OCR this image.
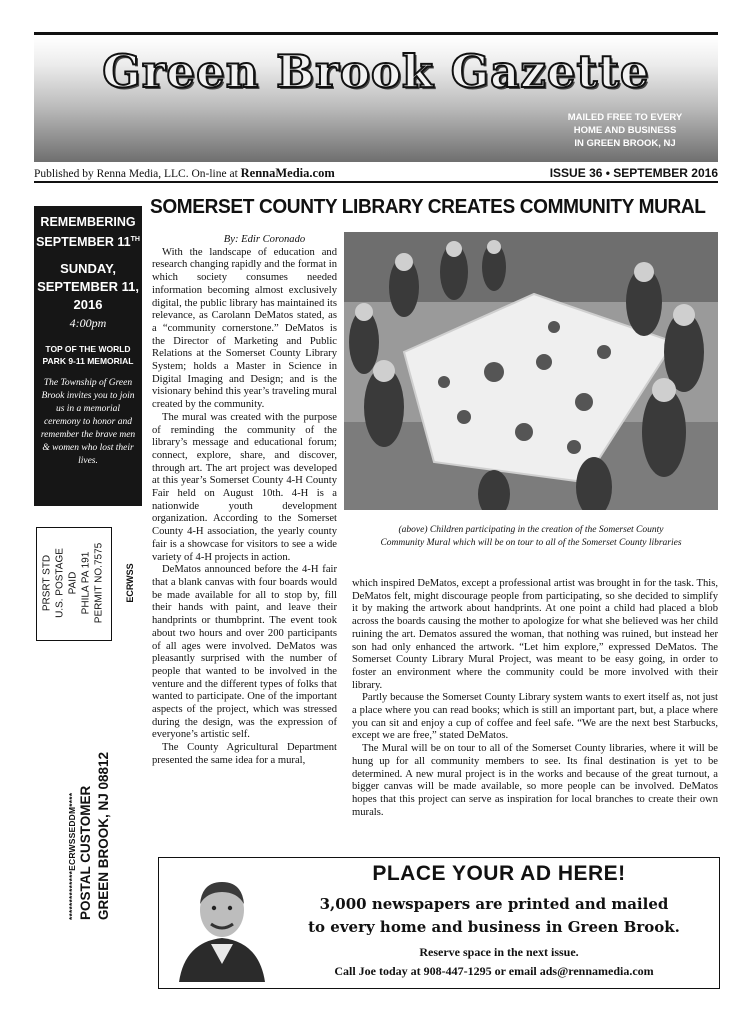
Green Brook Gazette
MAILED FREE TO EVERY
HOME AND BUSINESS
IN GREEN BROOK, NJ
Published by Renna Media, LLC. On-line at RennaMedia.com	ISSUE 36 • SEPTEMBER 2016
SOMERSET COUNTY LIBRARY CREATES COMMUNITY MURAL
REMEMBERING
SEPTEMBER 11TH
SUNDAY,
SEPTEMBER 11,
2016
4:00pm
TOP OF THE WORLD
PARK 9-11 MEMORIAL
The Township of Green Brook invites you to join us in a memorial ceremony to honor and remember the brave men & women who lost their lives.
PRSRT STD U.S. POSTAGE PAID PHILA PA 191 PERMIT NO.7575 ECRWSS
**************ECRWSSEDDM**** POSTAL CUSTOMER GREEN BROOK, NJ 08812

By: Edir Coronado

With the landscape of education and research changing rapidly and the format in which society consumes needed information becoming almost exclusively digital, the public library has maintained its relevance, as Carolann DeMatos stated, as a “community cornerstone.” DeMatos is the Director of Marketing and Public Relations at the Somerset County Library System; holds a Master in Science in Digital Imaging and Design; and is the visionary behind this year’s traveling mural created by the community.

The mural was created with the purpose of reminding the community of the library’s message and educational forum; connect, explore, share, and discover, through art. The art project was developed at this year’s Somerset County 4-H County Fair held on August 10th. 4-H is a nationwide youth development organization. According to the Somerset County 4-H association, the yearly county fair is a showcase for visitors to see a wide variety of 4-H projects in action.

DeMatos announced before the 4-H fair that a blank canvas with four boards would be made available for all to stop by, fill their hands with paint, and leave their handprints or thumbprint. The event took about two hours and over 200 participants of all ages were involved. DeMatos was pleasantly surprised with the number of people that wanted to be involved in the venture and the different types of folks that wanted to participate. One of the important aspects of the project, which was stressed during the design, was the expression of everyone’s artistic self.

The County Agricultural Department presented the same idea for a mural,

(above) Children participating in the creation of the Somerset County
Community Mural which will be on tour to all of the Somerset County libraries

which inspired DeMatos, except a professional artist was brought in for the task. This, DeMatos felt, might discourage people from participating, so she decided to simplify it by making the artwork about handprints. At one point a child had placed a blob across the boards causing the mother to apologize for what she believed was her child ruining the art. Dematos assured the woman, that nothing was ruined, but instead her son had only enhanced the artwork. “Let him explore,” expressed DeMatos. The Somerset County Library Mural Project, was meant to be easy going, in order to foster an environment where the community could be more involved with their library.

Partly because the Somerset County Library system wants to exert itself as, not just a place where you can read books; which is still an important part, but, a place where you can sit and enjoy a cup of coffee and feel safe. “We are the next best Starbucks, except we are free,” stated DeMatos.

The Mural will be on tour to all of the Somerset County libraries, where it will be hung up for all community members to see. Its final destination is yet to be determined. A new mural project is in the works and because of the great turnout, a bigger canvas will be made available, so more people can be involved. DeMatos hopes that this project can serve as inspiration for local branches to create their own murals.

PLACE YOUR AD HERE!
3,000 newspapers are printed and mailed
to every home and business in Green Brook.
Reserve space in the next issue.
Call Joe today at 908-447-1295 or email ads@rennamedia.com
